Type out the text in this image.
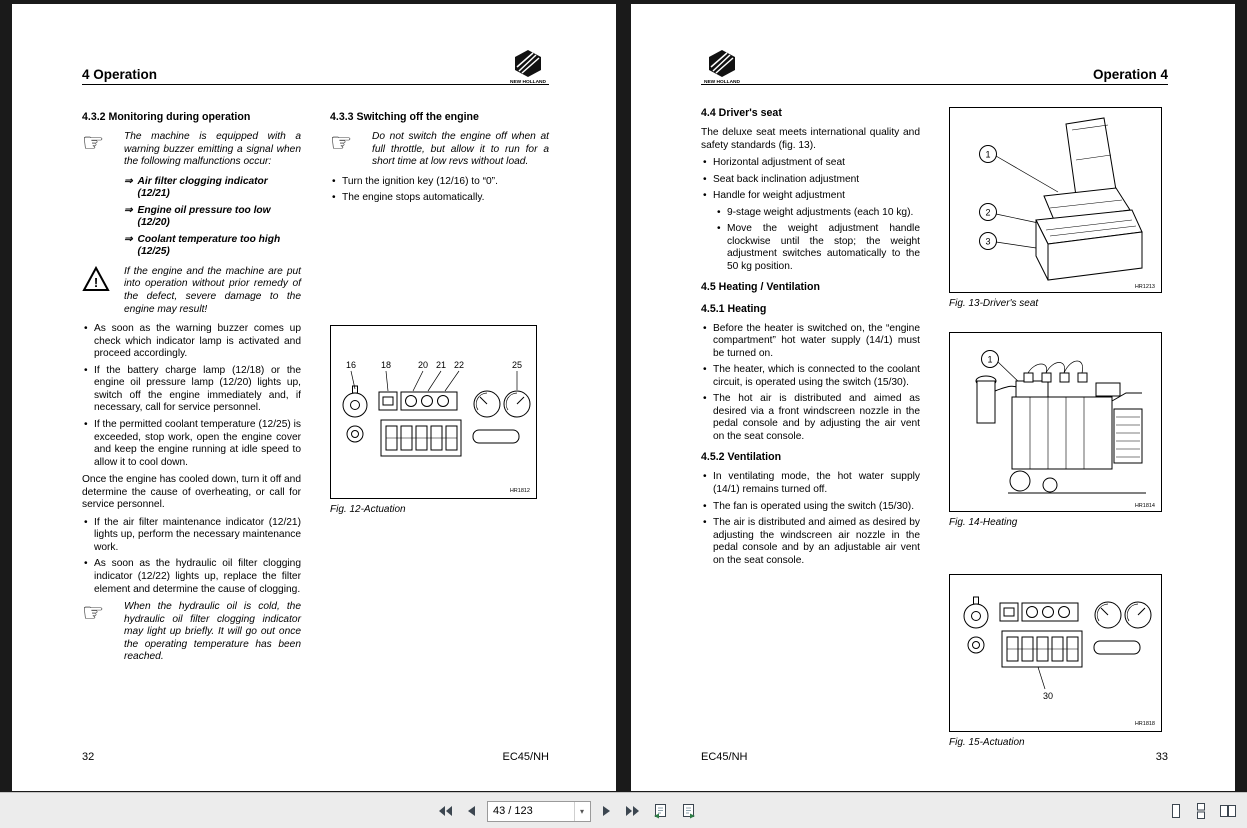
4 Operation
NEW HOLLAND
4.3.2 Monitoring during operation
☞	The machine is equipped with a warning buzzer emitting a signal when the following malfunctions occur:

⇒ Air filter clogging indicator (12/21)

⇒ Engine oil pressure too low (12/20)

⇒ Coolant temperature too high (12/25)

!
If the engine and the machine are put into operation without prior remedy of the defect, severe damage to the engine may result!

• As soon as the warning buzzer comes up check which indicator lamp is activated and proceed accordingly.

• If the battery charge lamp (12/18) or the engine oil pressure lamp (12/20) lights up, switch off the engine immediately and, if necessary, call for service personnel.

• If the permitted coolant temperature (12/25) is exceeded, stop work, open the engine cover and keep the engine running at idle speed to allow it to cool down.

Once the engine has cooled down, turn it off and determine the cause of overheating, or call for service personnel.

• If the air filter maintenance indicator (12/21) lights up, perform the necessary maintenance work.

• As soon as the hydraulic oil filter clogging indicator (12/22) lights up, replace the filter element and determine the cause of clogging.

☞	When the hydraulic oil is cold, the hydraulic oil filter clogging indicator may light up briefly. It will go out once the operating temperature has been reached.
4.3.3 Switching off the engine
☞	Do not switch the engine off when at full throttle, but allow it to run for a short time at low revs without load.

• Turn the ignition key (12/16) to “0”.

• The engine stops automatically.

16	18	20 21 22	25
HR1812
Fig. 12-Actuation
32	EC45/NH
NEW HOLLAND
Operation 4
4.4 Driver's seat

The deluxe seat meets international quality and safety standards (fig. 13).

• Horizontal adjustment of seat

• Seat back inclination adjustment

• Handle for weight adjustment

• 9-stage weight adjustments (each 10 kg).

• Move the weight adjustment handle clockwise until the stop; the weight adjustment switches automatically to the 50 kg position.

4.5 Heating / Ventilation
4.5.1 Heating

• Before the heater is switched on, the “engine compartment” hot water supply (14/1) must be turned on.

• The heater, which is connected to the coolant circuit, is operated using the switch (15/30).

• The hot air is distributed and aimed as desired via a front windscreen nozzle in the pedal console and by adjusting the air vent on the seat console.

4.5.2 Ventilation

• In ventilating mode, the hot water supply (14/1) remains turned off.

• The fan is operated using the switch (15/30).

• The air is distributed and aimed as desired by adjusting the windscreen air nozzle in the pedal console and by an adjustable air vent on the seat console.

1
2
3
HR1213
Fig. 13-Driver's seat
1
HR1814
Fig. 14-Heating
30
HR1818
Fig. 15-Actuation
EC45/NH	33
43 / 123
▾
